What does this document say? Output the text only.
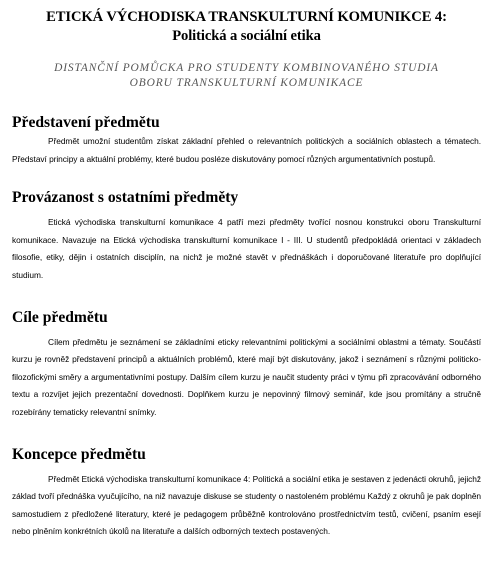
ETICKÁ VÝCHODISKA TRANSKULTURNÍ KOMUNIKCE 4: Politická a sociální etika
DISTANČNÍ POMŮCKA PRO STUDENTY KOMBINOVANÉHO STUDIA OBORU TRANSKULTURNÍ KOMUNIKACE
Představení předmětu

Předmět umožní studentům získat základní přehled o relevantních politických a sociálních oblastech a tématech. Představí principy a aktuální problémy, které budou posléze diskutovány pomocí různých argumentativních postupů.

Provázanost s ostatními předměty

Etická východiska transkulturní komunikace 4 patří mezi předměty tvořící nosnou konstrukci oboru Transkulturní komunikace. Navazuje na Etická východiska transkulturní komunikace I - III. U studentů předpokládá orientaci v základech filosofie, etiky, dějin i ostatních disciplín, na nichž je možné stavět v přednáškách i doporučované literatuře pro doplňující studium.

Cíle předmětu

Cílem předmětu je seznámení se základními eticky relevantními politickými a sociálními oblastmi a tématy. Součástí kurzu je rovněž představení principů a aktuálních problémů, které mají být diskutovány, jakož i seznámení s různými politicko-filozofickými směry a argumentativními postupy. Dalším cílem kurzu je naučit studenty práci v týmu při zpracovávání odborného textu a rozvíjet jejich prezentační dovednosti. Doplňkem kurzu je nepovinný filmový seminář, kde jsou promítány a stručně rozebírány tematicky relevantní snímky.

Koncepce předmětu

Předmět Etická východiska transkulturní komunikace 4: Politická a sociální etika je sestaven z jedenácti okruhů, jejichž základ tvoří přednáška vyučujícího, na niž navazuje diskuse se studenty o nastoleném problému Každý z okruhů je pak doplněn samostudiem z předložené literatury, které je pedagogem průběžně kontrolováno prostřednictvím testů, cvičení, psaním esejí nebo plněním konkrétních úkolů na literatuře a dalších odborných textech postavených.
